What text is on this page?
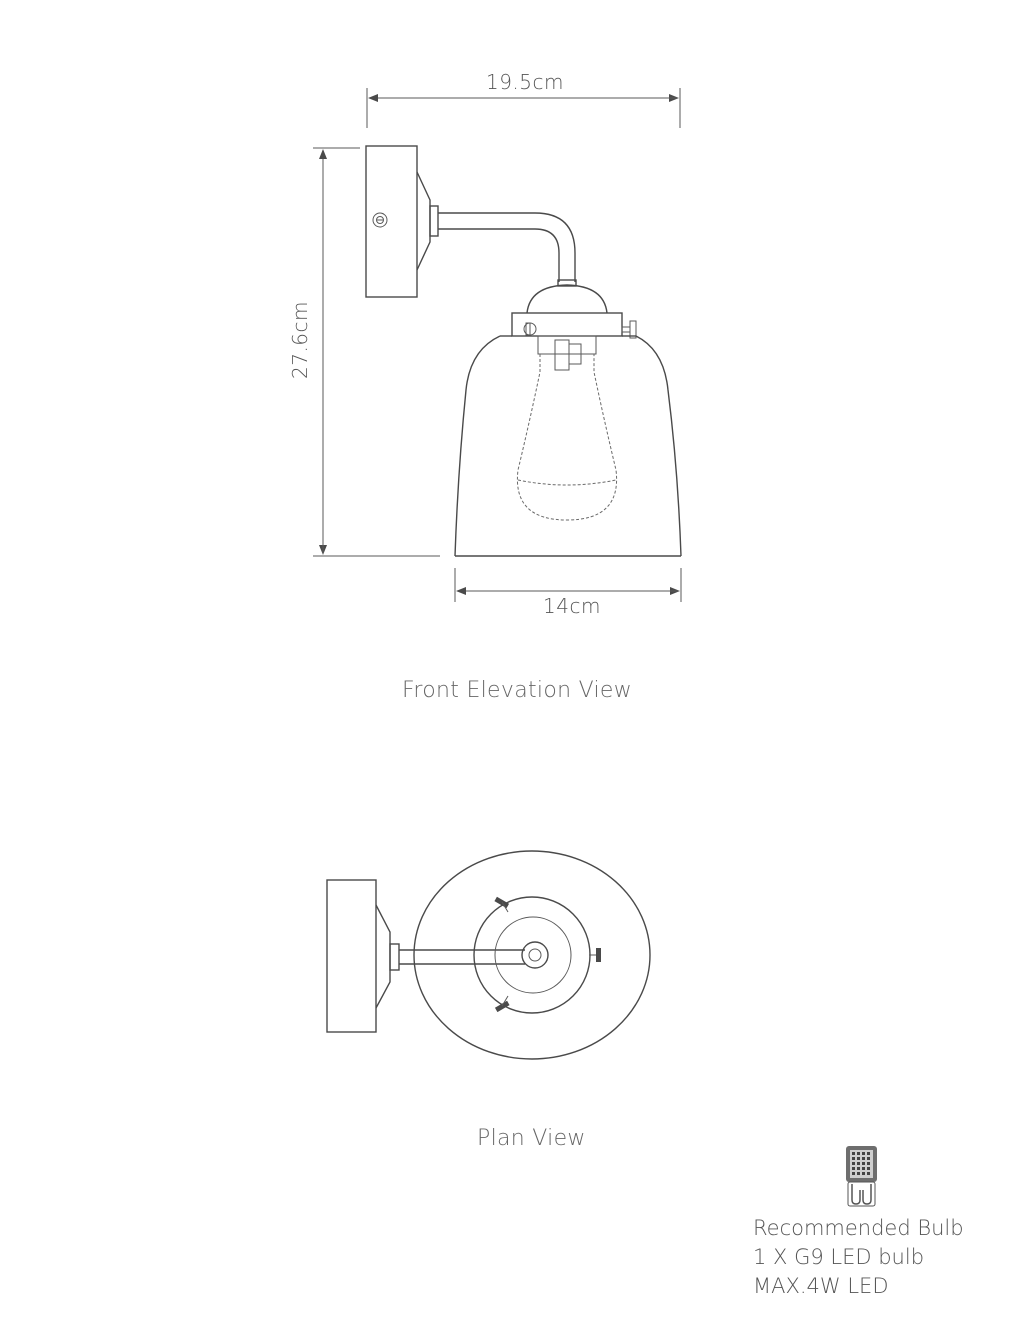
19.5cm
27.6cm
14cm
Front Elevation View
Plan View
Recommended Bulb
1 X G9 LED bulb
MAX.4W LED
